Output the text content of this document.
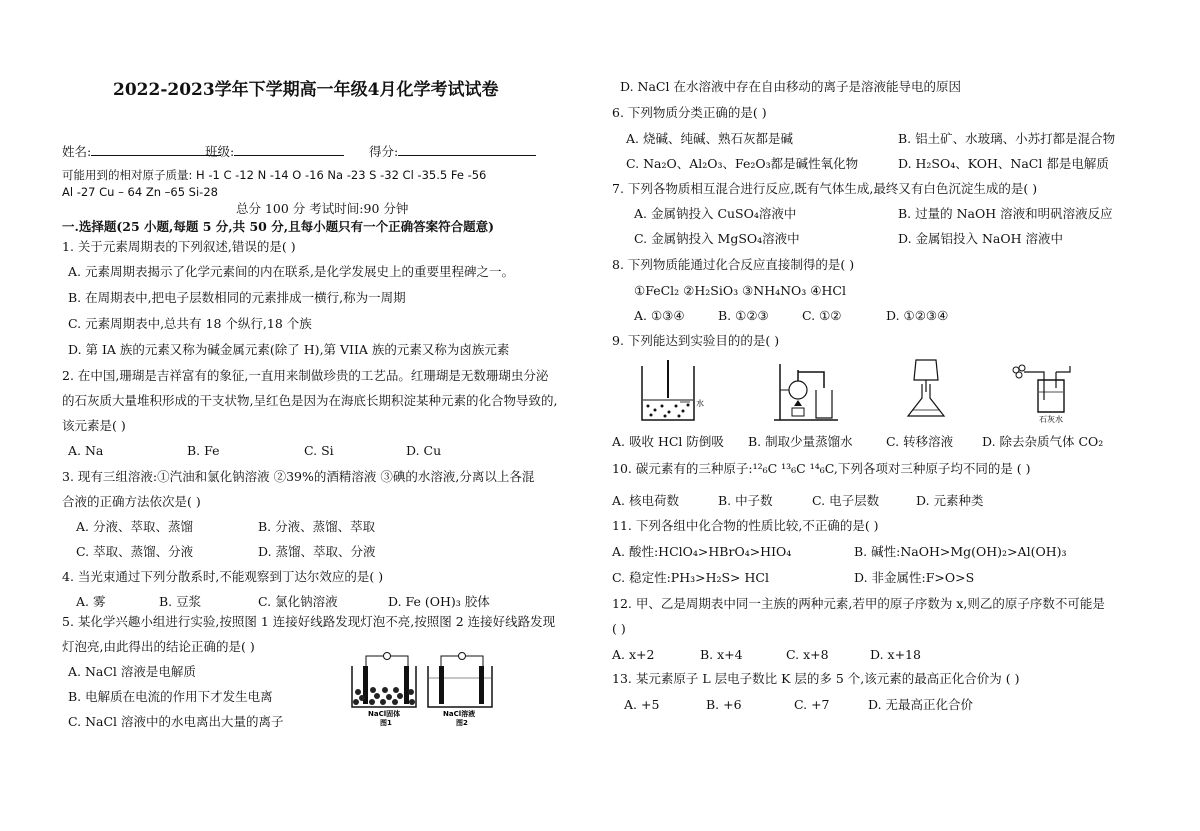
2022-2023学年下学期高一年级4月化学考试试卷
姓名:	班级:	得分:
可能用到的相对原子质量: H -1 C -12 N -14 O -16 Na -23 S -32 Cl -35.5 Fe -56
Al -27 Cu – 64 Zn –65 Si-28
总分 100 分 考试时间:90 分钟
一.选择题(25 小题,每题 5 分,共 50 分,且每小题只有一个正确答案符合题意)
1. 关于元素周期表的下列叙述,错误的是( )
A. 元素周期表揭示了化学元素间的内在联系,是化学发展史上的重要里程碑之一。
B. 在周期表中,把电子层数相同的元素排成一横行,称为一周期
C. 元素周期表中,总共有 18 个纵行,18 个族
D. 第 IA 族的元素又称为碱金属元素(除了 H),第 VIIA 族的元素又称为卤族元素
2. 在中国,珊瑚是吉祥富有的象征,一直用来制做珍贵的工艺品。红珊瑚是无数珊瑚虫分泌
的石灰质大量堆积形成的干支状物,呈红色是因为在海底长期积淀某种元素的化合物导致的,
该元素是( )
A. Na	B. Fe	C. Si	D. Cu
3. 现有三组溶液:①汽油和氯化钠溶液 ②39%的酒精溶液 ③碘的水溶液,分离以上各混
合液的正确方法依次是( )
A. 分液、萃取、蒸馏	B. 分液、蒸馏、萃取
C. 萃取、蒸馏、分液	D. 蒸馏、萃取、分液
4. 当光束通过下列分散系时,不能观察到丁达尔效应的是( )
A. 雾	B. 豆浆	C. 氯化钠溶液	D. Fe (OH)₃ 胶体
5. 某化学兴趣小组进行实验,按照图 1 连接好线路发现灯泡不亮,按照图 2 连接好线路发现
灯泡亮,由此得出的结论正确的是( )
A. NaCl 溶液是电解质
B. 电解质在电流的作用下才发生电离
C. NaCl 溶液中的水电离出大量的离子	NaCl固体
图1
NaCl溶液
图2
D. NaCl 在水溶液中存在自由移动的离子是溶液能导电的原因
6. 下列物质分类正确的是( )
A. 烧碱、纯碱、熟石灰都是碱	B. 铝土矿、水玻璃、小苏打都是混合物
C. Na₂O、Al₂O₃、Fe₂O₃都是碱性氧化物	D. H₂SO₄、KOH、NaCl 都是电解质
7. 下列各物质相互混合进行反应,既有气体生成,最终又有白色沉淀生成的是( )
A. 金属钠投入 CuSO₄溶液中	B. 过量的 NaOH 溶液和明矾溶液反应
C. 金属钠投入 MgSO₄溶液中	D. 金属铝投入 NaOH 溶液中
8. 下列物质能通过化合反应直接制得的是( )
①FeCl₂ ②H₂SiO₃ ③NH₄NO₃ ④HCl
A. ①③④	B. ①②③	C. ①②	D. ①②③④
9. 下列能达到实验目的的是( )
水
石灰水
A. 吸收 HCl 防倒吸 B. 制取少量蒸馏水	C. 转移溶液 D. 除去杂质气体 CO₂
10. 碳元素有的三种原子:¹²₆C ¹³₆C ¹⁴₆C,下列各项对三种原子均不同的是 ( )
A. 核电荷数	B. 中子数	C. 电子层数	D. 元素种类
11. 下列各组中化合物的性质比较,不正确的是( )
A. 酸性:HClO₄>HBrO₄>HIO₄	B. 碱性:NaOH>Mg(OH)₂>Al(OH)₃
C. 稳定性:PH₃>H₂S> HCl	D. 非金属性:F>O>S
12. 甲、乙是周期表中同一主族的两种元素,若甲的原子序数为 x,则乙的原子序数不可能是
( )
A. x+2	B. x+4	C. x+8	D. x+18
13. 某元素原子 L 层电子数比 K 层的多 5 个,该元素的最高正化合价为 ( )
A. +5	B. +6	C. +7	D. 无最高正化合价
